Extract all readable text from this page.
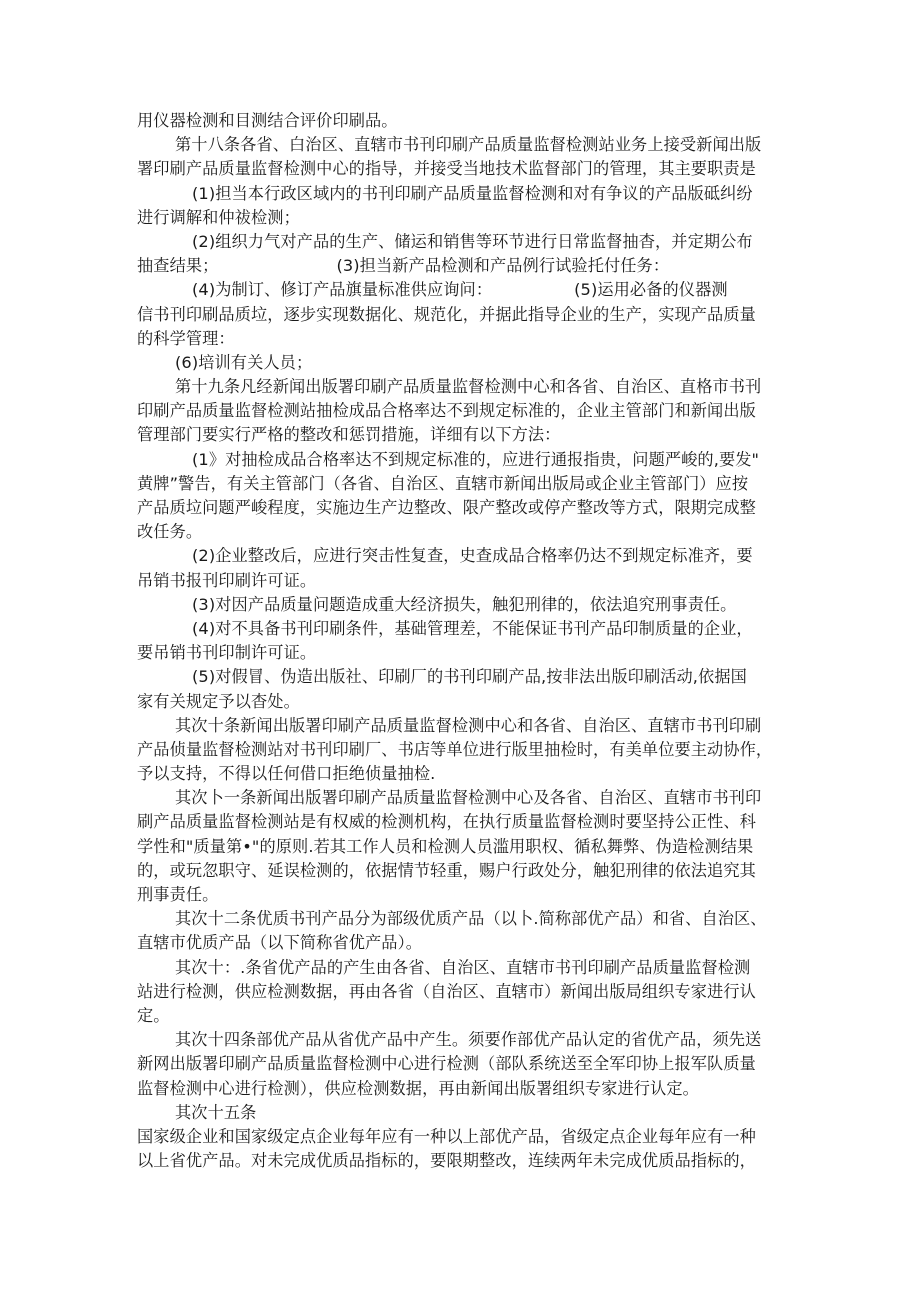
用仪器检测和目测结合评价印刷品。
第十八条各省、白治区、直辖市书刊印刷产品质量监督检测站业务上接受新闻出版
署印刷产品质量监督检测中心的指导，并接受当地技术监督部门的管理，其主要职责是
(1)担当本行政区域内的书刊印刷产品质量监督检测和对有争议的产品版砥纠纷
进行调解和仲祓检测；
(2)组织力气对产品的生产、储运和销售等环节进行日常监督抽杳，并定期公布
抽查结果；	(3)担当新产品检测和产品例行试验托付任务：
(4)为制订、修订产品旗量标准供应询问：	(5)运用必备的仪器测
信书刊印刷品质垃，逐步实现数据化、规范化，并据此指导企业的生产，实现产品质量
的科学管理：
(6)培训有关人员；
第十九条凡经新闻出版署印刷产品质量监督检测中心和各省、自治区、直格市书刊
印刷产品质量监督检测站抽检成品合格率达不到规定标准的，企业主管部门和新闻出版
管理部门要实行严格的整改和惩罚措施，详细有以下方法：
(1》对抽检成品合格率达不到规定标准的，应进行通报指贵，问题严峻的,要发"
黄牌”警告，有关主管部门（各省、自治区、直辖市新闻出版局或企业主管部门）应按
产品质垃问题严峻程度，实施边生产边整改、限产整改或停产整改等方式，限期完成整
改任务。
(2)企业整改后，应进行突击性复查，史查成品合格率仍达不到规定标准齐，要
吊销书报刊印刷许可证。
(3)对因产品质量问题造成重大经济损失，触犯刑律的，依法追究刑事责任。
(4)对不具备书刊印刷条件，基础管理差，不能保证书刊产品印制质量的企业，
要吊销书刊印制许可证。
(5)对假冒、伪造出版社、印刷厂的书刊印刷产品,按非法出版印刷活动,依据国
家有关规定予以杳处。
其次十条新闻出版署印刷产品质量监督检测中心和各省、自治区、直辖市书刊印刷
产品侦量监督检测站对书刊印刷厂、书店等单位进行版里抽检时，有美单位要主动协作，
予以支持，不得以任何借口拒绝侦量抽检.
其次卜一条新闻出版署印刷产品质量监督检测中心及各省、自治区、直辖市书刊印
刷产品质量监督检测站是有权威的检测机构，在执行质量监督检测时要坚持公正性、科
学性和"质量第•"的原则.若其工作人员和检测人员滥用职权、循私舞弊、伪造检测结果
的，或玩忽职守、延误检测的，依据情节轻重，赐户行政处分，触犯刑律的依法追究其
刑事责任。
其次十二条优质书刊产品分为部级优质产品（以卜.简称部优产品）和省、自治区、
直辖市优质产品（以下简称省优产品）。
其次十：.条省优产品的产生由各省、自治区、直辖市书刊印刷产品质量监督检测
站进行检测，供应检测数据，再由各省（自治区、直辖市）新闻出版局组织专家进行认
定。
其次十四条部优产品从省优产品中产生。须要作部优产品认定的省优产品，须先送
新网出版署印刷产品质量监督检测中心进行检测（部队系统送至全军印协上报军队质量
监督检测中心进行检测），供应检测数据，再由新闻出版署组织专家进行认定。
其次十五条
国家级企业和国家级定点企业每年应有一种以上部优产品，省级定点企业每年应有一种
以上省优产品。对未完成优质品指标的，要限期整改，连续两年未完成优质品指标的，
